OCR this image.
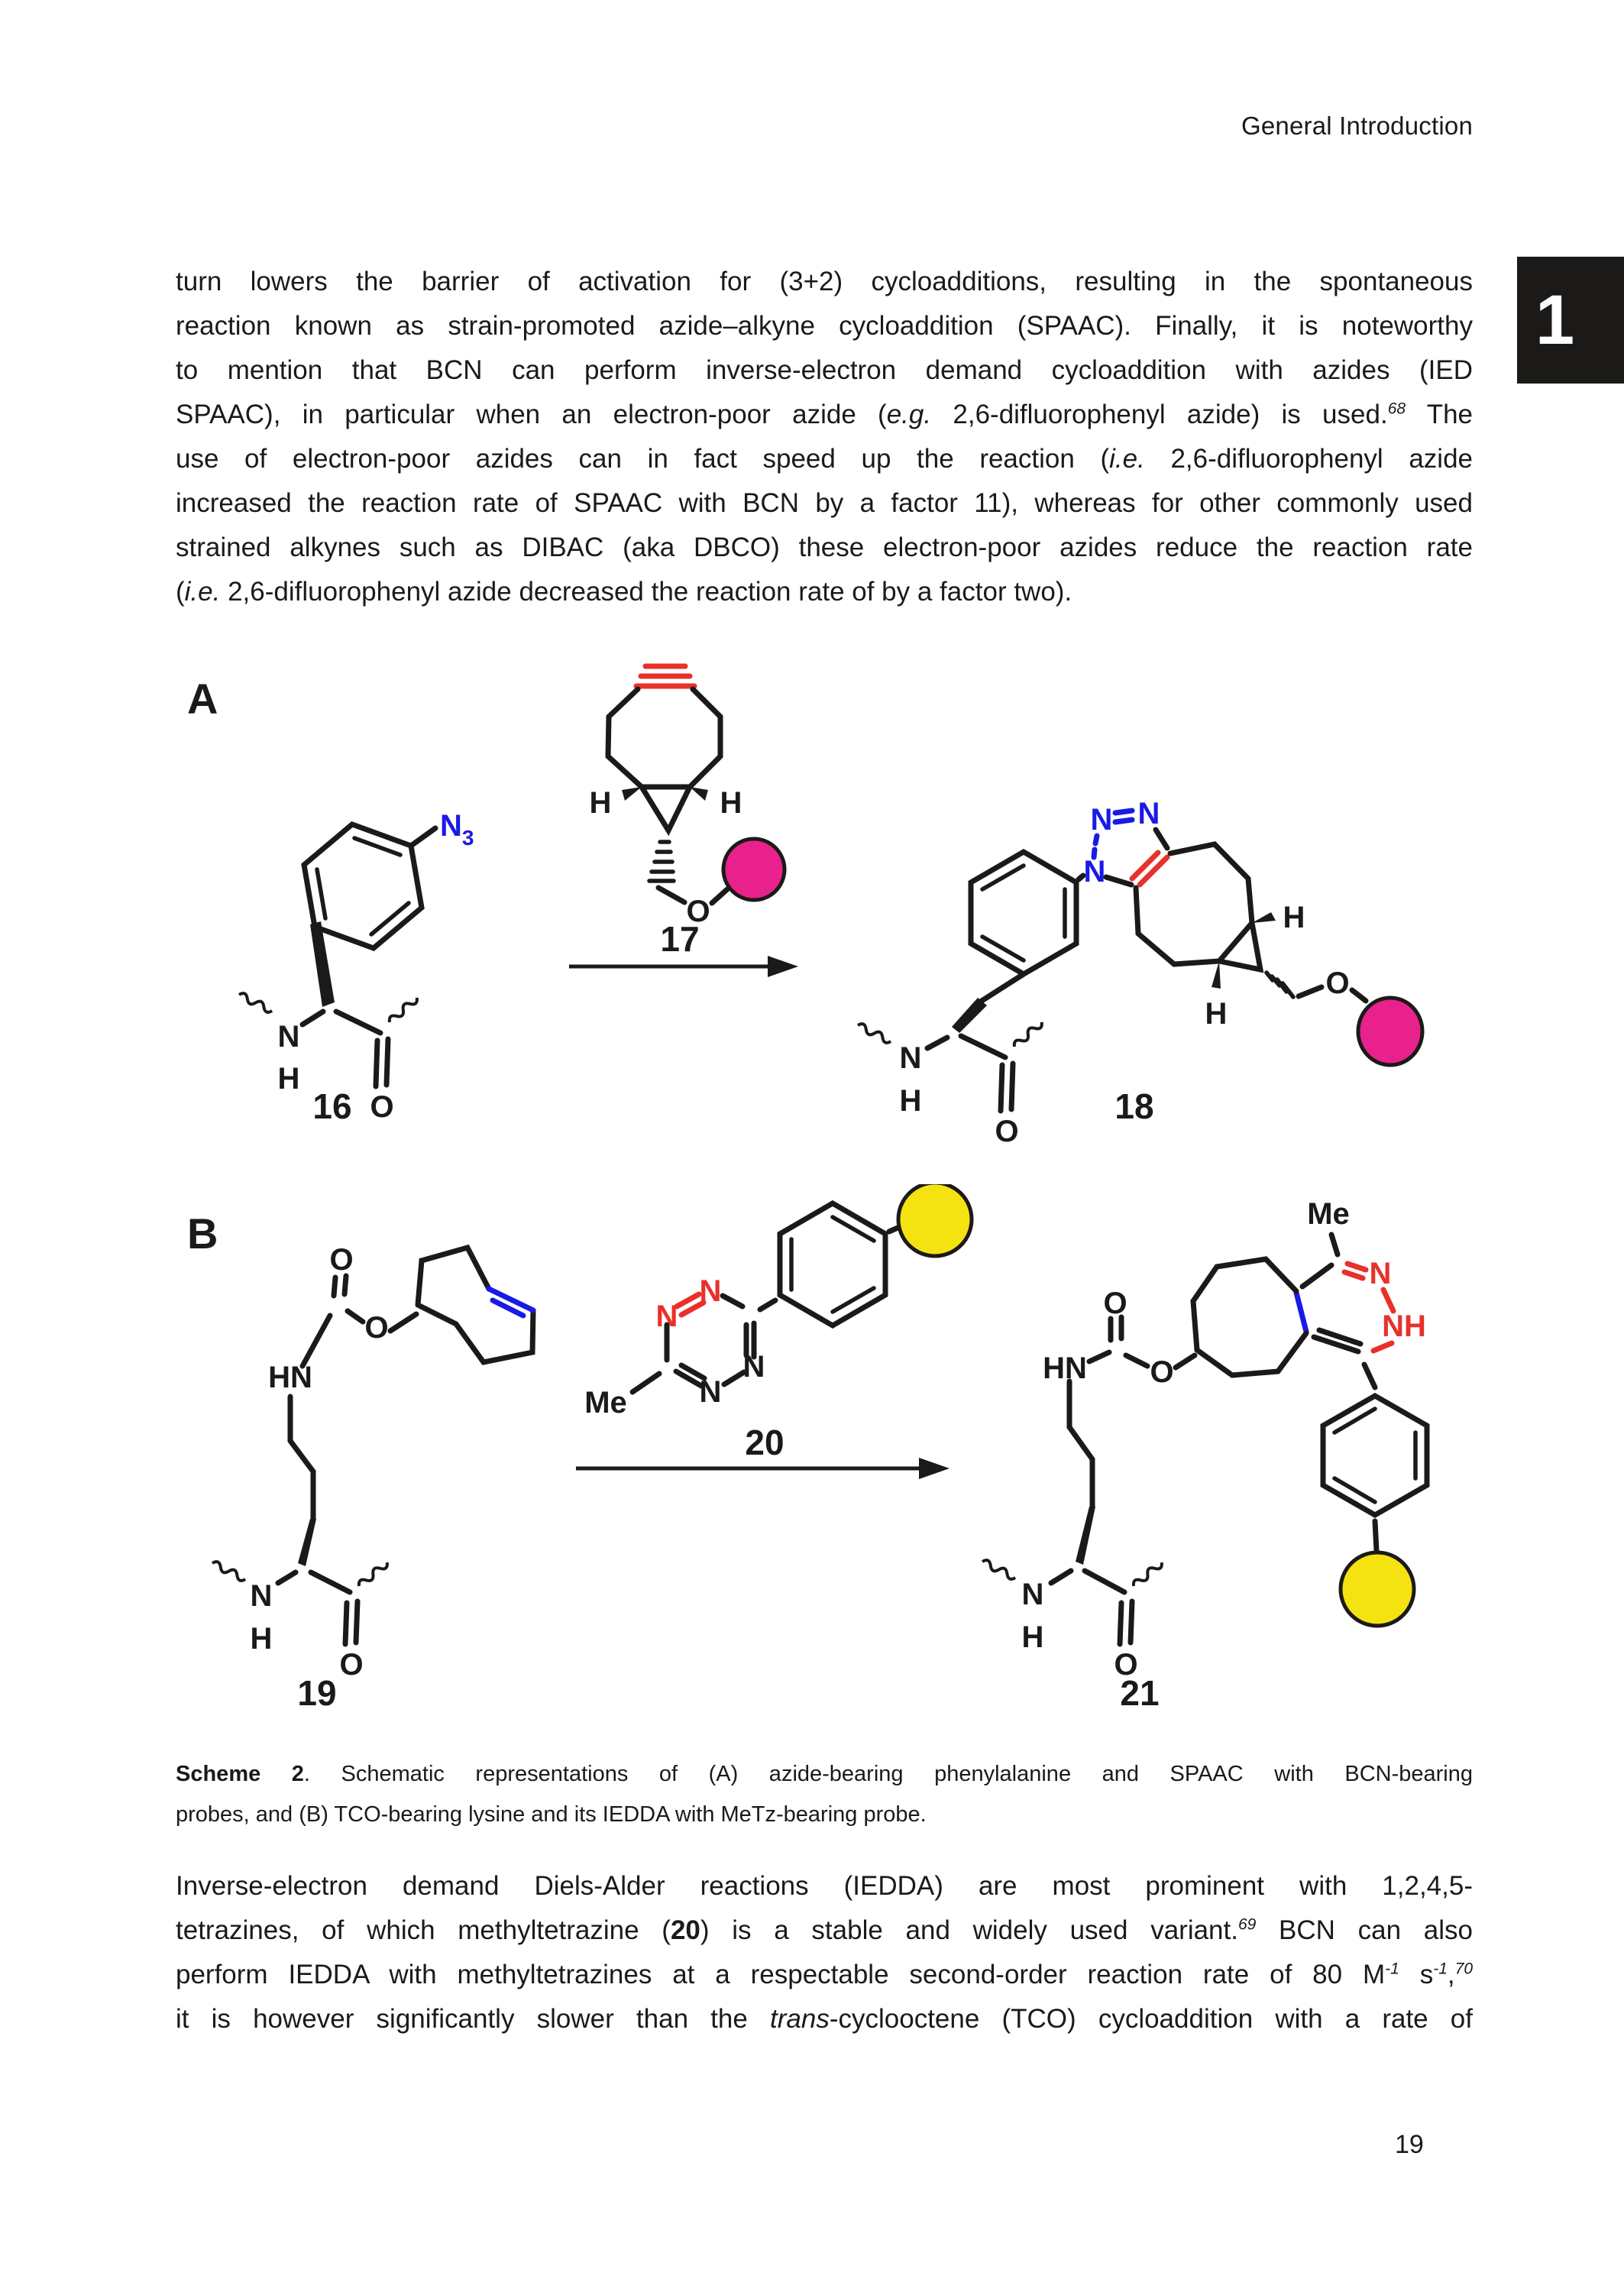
General Introduction
1
turn lowers the barrier of activation for (3+2) cycloadditions, resulting in the spontaneous
reaction known as strain-promoted azide–alkyne cycloaddition (SPAAC). Finally, it is noteworthy
to mention that BCN can perform inverse-electron demand cycloaddition with azides (IED
SPAAC), in particular when an electron-poor azide (e.g. 2,6-difluorophenyl azide) is used.$^{68}$ The
use of electron-poor azides can in fact speed up the reaction (i.e. 2,6-difluorophenyl azide
increased the reaction rate of SPAAC with BCN by a factor 11), whereas for other commonly used
strained alkynes such as DIBAC (aka DBCO) these electron-poor azides reduce the reaction rate
(i.e. 2,6-difluorophenyl azide decreased the reaction rate of by a factor two).
A
$N_3$
N
H
O
16
H	H
O
17
N N
N
H
H
O
N
H
O
18
B
O
HN
O
N
H
O
19
Me
N
N
N
N
20
Me
N
NH
O
HN O
N
H
O
21
Scheme 2. Schematic representations of (A) azide-bearing phenylalanine and SPAAC with BCN-bearing
probes, and (B) TCO-bearing lysine and its IEDDA with MeTz-bearing probe.
Inverse-electron demand Diels-Alder reactions (IEDDA) are most prominent with 1,2,4,5-
tetrazines, of which methyltetrazine (20) is a stable and widely used variant.$^{69}$ BCN can also
perform IEDDA with methyltetrazines at a respectable second-order reaction rate of 80 $M^{-1}$ $s^{-1},^{70}$
it is however significantly slower than the trans-cyclooctene (TCO) cycloaddition with a rate of
19
